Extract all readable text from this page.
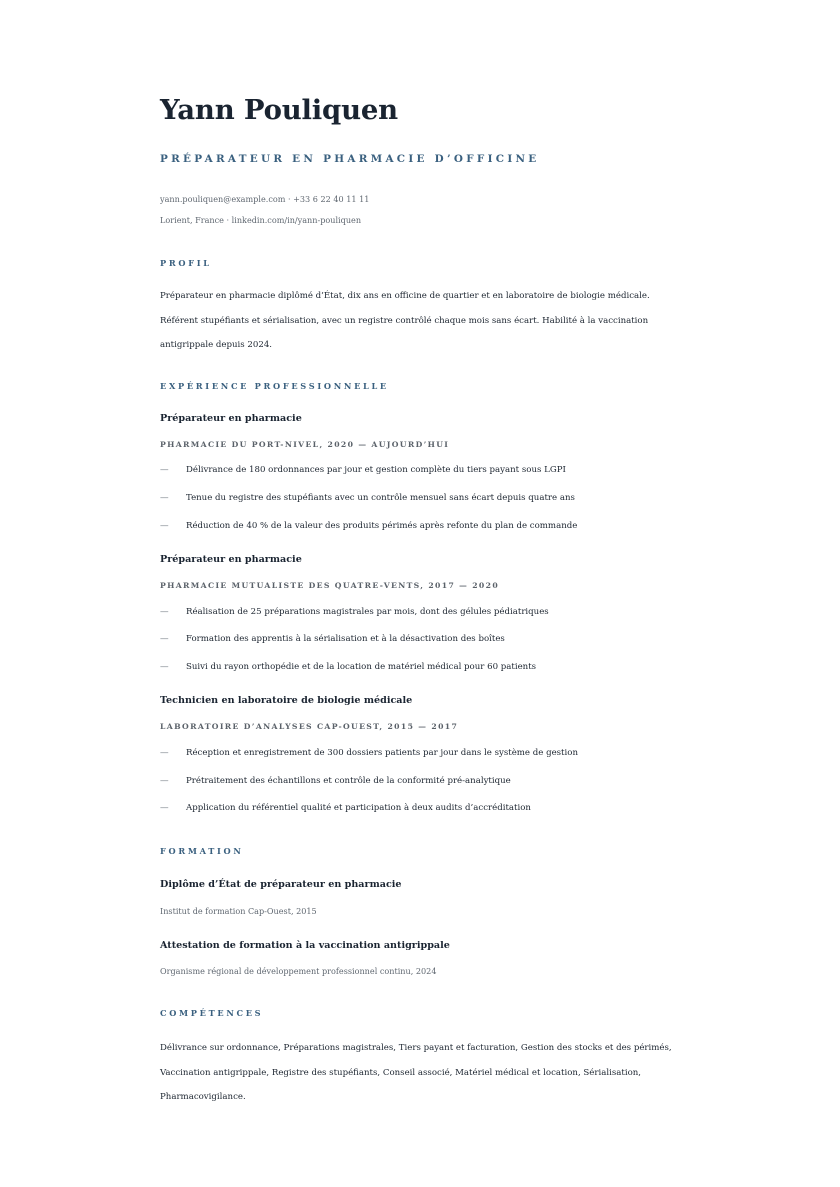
Yann Pouliquen
PRÉPARATEUR EN PHARMACIE D’OFFICINE
yann.pouliquen@example.com · +33 6 22 40 11 11
Lorient, France · linkedin.com/in/yann-pouliquen
PROFIL
Préparateur en pharmacie diplômé d’État, dix ans en officine de quartier et en laboratoire de biologie médicale. Référent stupéfiants et sérialisation, avec un registre contrôlé chaque mois sans écart. Habilité à la vaccination antigrippale depuis 2024.
EXPÉRIENCE PROFESSIONNELLE
Préparateur en pharmacie
PHARMACIE DU PORT-NIVEL, 2020 — AUJOURD’HUI
— Délivrance de 180 ordonnances par jour et gestion complète du tiers payant sous LGPI
— Tenue du registre des stupéfiants avec un contrôle mensuel sans écart depuis quatre ans
— Réduction de 40 % de la valeur des produits périmés après refonte du plan de commande
Préparateur en pharmacie
PHARMACIE MUTUALISTE DES QUATRE-VENTS, 2017 — 2020
— Réalisation de 25 préparations magistrales par mois, dont des gélules pédiatriques
— Formation des apprentis à la sérialisation et à la désactivation des boîtes
— Suivi du rayon orthopédie et de la location de matériel médical pour 60 patients
Technicien en laboratoire de biologie médicale
LABORATOIRE D’ANALYSES CAP-OUEST, 2015 — 2017
— Réception et enregistrement de 300 dossiers patients par jour dans le système de gestion
— Prétraitement des échantillons et contrôle de la conformité pré-analytique
— Application du référentiel qualité et participation à deux audits d’accréditation
FORMATION
Diplôme d’État de préparateur en pharmacie
Institut de formation Cap-Ouest, 2015
Attestation de formation à la vaccination antigrippale
Organisme régional de développement professionnel continu, 2024
COMPÉTENCES
Délivrance sur ordonnance, Préparations magistrales, Tiers payant et facturation, Gestion des stocks et des périmés, Vaccination antigrippale, Registre des stupéfiants, Conseil associé, Matériel médical et location, Sérialisation, Pharmacovigilance.
